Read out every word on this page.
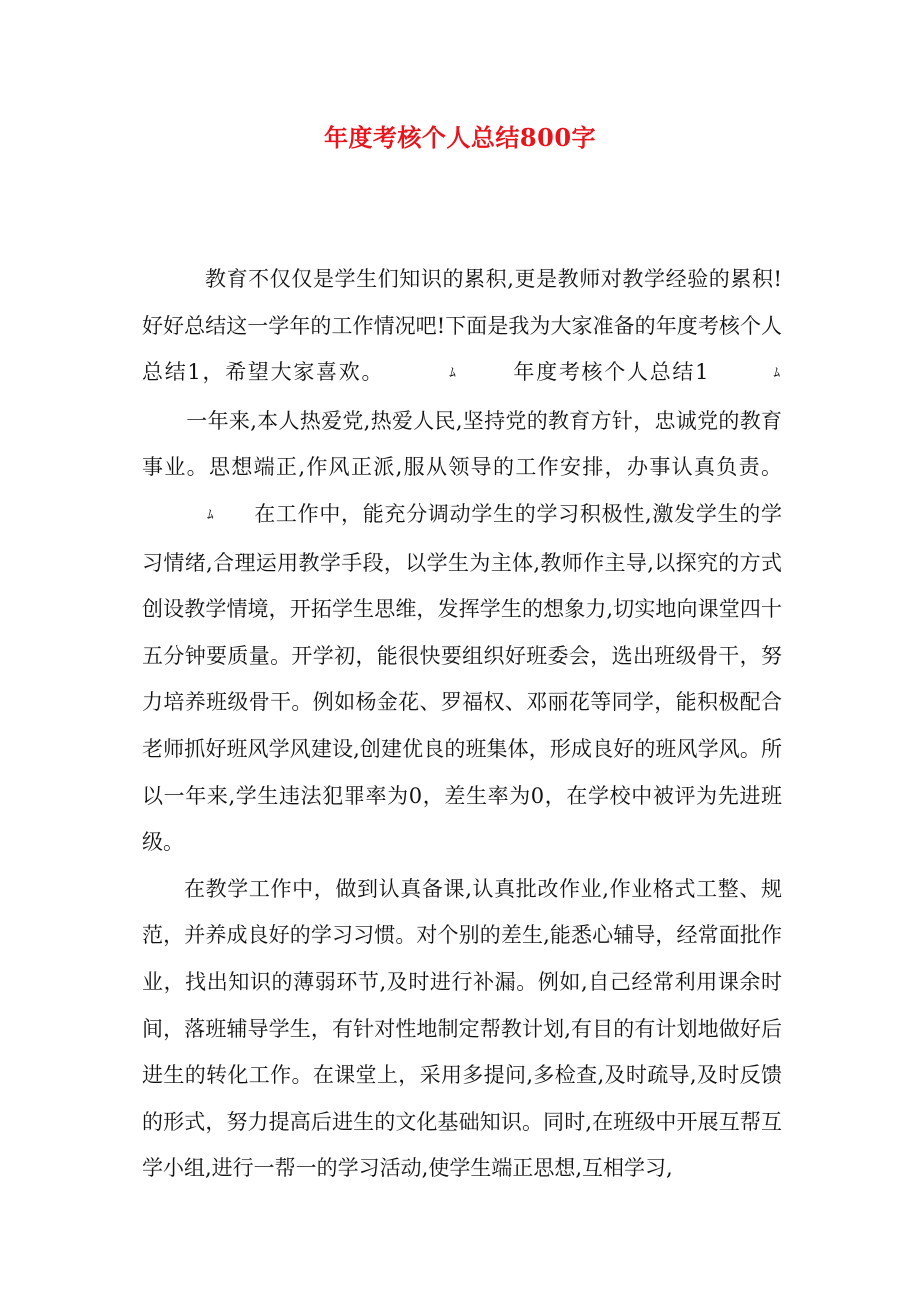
年度考核个人总结800字

教育不仅仅是学生们知识的累积,更是教师对教学经验的累积!好好总结这一学年的工作情况吧!下面是我为大家准备的年度考核个人总结1，希望大家喜欢。	ﾑ	年度考核个人总结1	ﾑ一年来,本人热爱党,热爱人民,坚持党的教育方针，忠诚党的教育事业。思想端正,作风正派,服从领导的工作安排，办事认真负责。ﾑ 在工作中，能充分调动学生的学习积极性,激发学生的学习情绪,合理运用教学手段，以学生为主体,教师作主导,以探究的方式创设教学情境，开拓学生思维，发挥学生的想象力,切实地向课堂四十五分钟要质量。开学初，能很快要组织好班委会，选出班级骨干，努力培养班级骨干。例如杨金花、罗福权、邓丽花等同学，能积极配合老师抓好班风学风建设,创建优良的班集体，形成良好的班风学风。所以一年来,学生违法犯罪率为0，差生率为0，在学校中被评为先进班级。

在教学工作中，做到认真备课,认真批改作业,作业格式工整、规范，并养成良好的学习习惯。对个别的差生,能悉心辅导，经常面批作业，找出知识的薄弱环节,及时进行补漏。例如,自己经常利用课余时间，落班辅导学生，有针对性地制定帮教计划,有目的有计划地做好后进生的转化工作。在课堂上，采用多提问,多检查,及时疏导,及时反馈的形式，努力提高后进生的文化基础知识。同时,在班级中开展互帮互学小组,进行一帮一的学习活动,使学生端正思想,互相学习,
